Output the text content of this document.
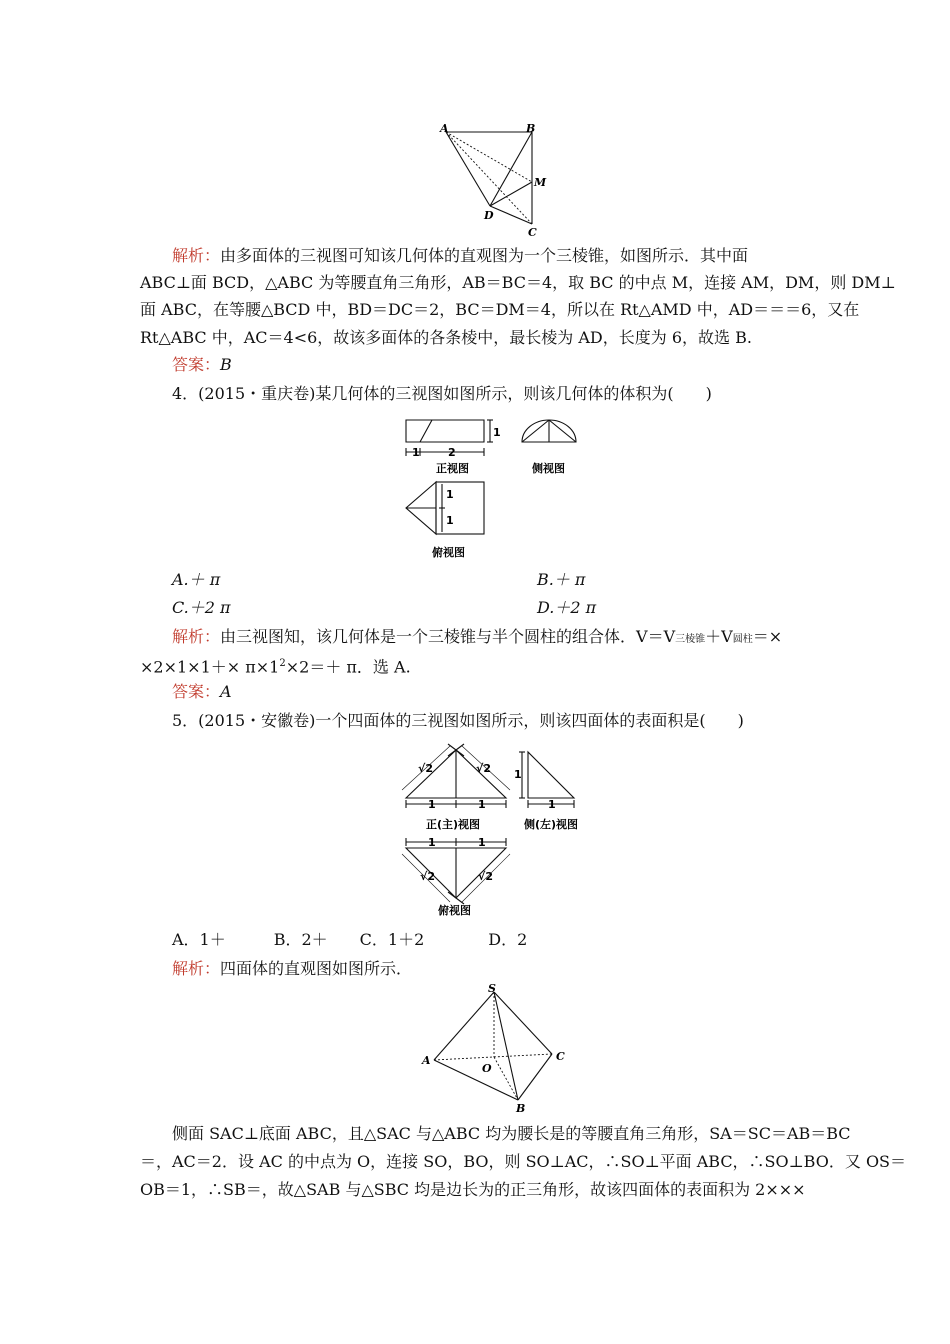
A	B
M
D
C
解析：由多面体的三视图可知该几何体的直观图为一个三棱锥，如图所示．其中面
ABC⊥面 BCD，△ABC 为等腰直角三角形，AB＝BC＝4，取 BC 的中点 M，连接 AM，DM，则 DM⊥
面 ABC，在等腰△BCD 中，BD＝DC＝2，BC＝DM＝4，所以在 Rt△AMD 中，AD＝＝＝6，又在
Rt△ABC 中，AC＝4<6，故该多面体的各条棱中，最长棱为 AD，长度为 6，故选 B.
答案：B
4．(2015・重庆卷)某几何体的三视图如图所示，则该几何体的体积为(　　)
1
1	2
正视图	侧视图
1
1
俯视图
A.＋ π	B.＋ π
C.＋2 π	D.＋2 π
解析：由三视图知，该几何体是一个三棱锥与半个圆柱的组合体．V＝V三棱锥＋V圆柱＝×
$\times 2\times 1\times 1+\times \pi\times 1^2\times 2=+ \pi$．选 A.
答案：A
5．(2015・安徽卷)一个四面体的三视图如图所示，则该四面体的表面积是(　　)
√2	√2
1	1
1
1
正(主)视图	侧(左)视图
1	1
√2	√2
俯视图
A．1＋　　　B．2＋　　C．1＋2　　　　D．2
解析：四面体的直观图如图所示．
S
A
O
C
B
侧面 SAC⊥底面 ABC，且△SAC 与△ABC 均为腰长是的等腰直角三角形，SA＝SC＝AB＝BC
＝，AC＝2．设 AC 的中点为 O，连接 SO，BO，则 SO⊥AC，∴SO⊥平面 ABC，∴SO⊥BO．又 OS＝
OB＝1，∴SB＝，故△SAB 与△SBC 均是边长为的正三角形，故该四面体的表面积为 2×××
